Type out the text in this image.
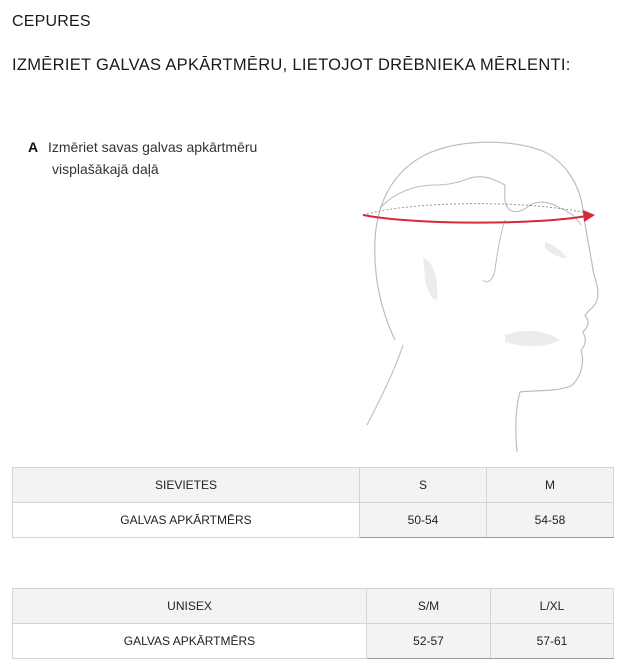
CEPURES
IZMĒRIET GALVAS APKĀRTMĒRU, LIETOJOT DRĒBNIEKA MĒRLENTI:
A Izmēriet savas galvas apkārtmēru
visplašākajā daļā
SIEVIETES	S	M
GALVAS APKĀRTMĒRS	50-54	54-58
UNISEX	S/M	L/XL
GALVAS APKĀRTMĒRS	52-57	57-61
